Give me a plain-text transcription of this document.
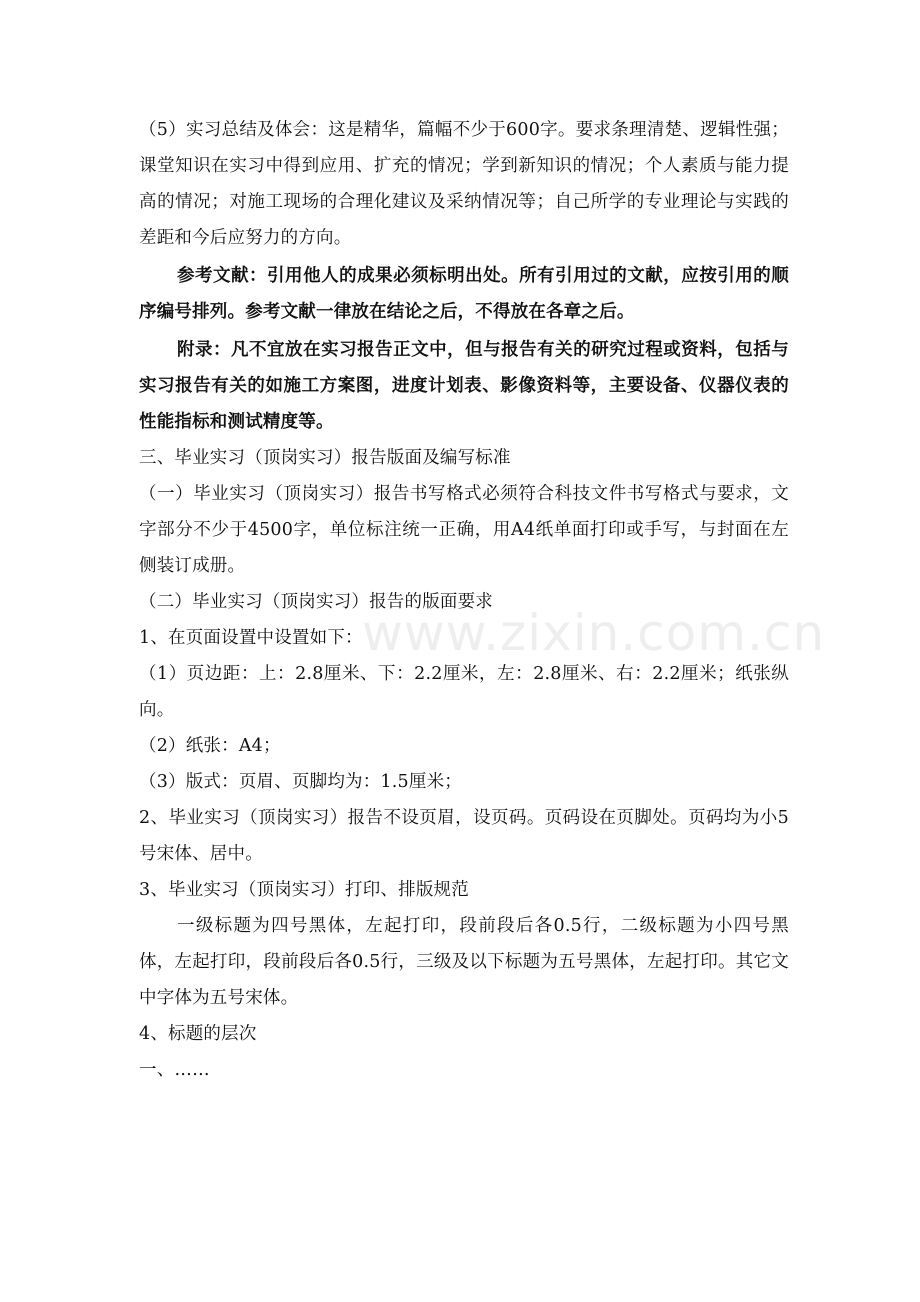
www.zixin.com.cn

（5）实习总结及体会：这是精华，篇幅不少于600字。要求条理清楚、逻辑性强；课堂知识在实习中得到应用、扩充的情况；学到新知识的情况；个人素质与能力提高的情况；对施工现场的合理化建议及采纳情况等；自己所学的专业理论与实践的差距和今后应努力的方向。

参考文献：引用他人的成果必须标明出处。所有引用过的文献，应按引用的顺序编号排列。参考文献一律放在结论之后，不得放在各章之后。

附录：凡不宜放在实习报告正文中，但与报告有关的研究过程或资料，包括与实习报告有关的如施工方案图，进度计划表、影像资料等，主要设备、仪器仪表的性能指标和测试精度等。

三、毕业实习（顶岗实习）报告版面及编写标准

（一）毕业实习（顶岗实习）报告书写格式必须符合科技文件书写格式与要求，文字部分不少于4500字，单位标注统一正确，用A4纸单面打印或手写，与封面在左侧装订成册。

（二）毕业实习（顶岗实习）报告的版面要求

1、在页面设置中设置如下：

（1）页边距：上：2.8厘米、下：2.2厘米，左：2.8厘米、右：2.2厘米；纸张纵向。

（2）纸张：A4；

（3）版式：页眉、页脚均为：1.5厘米；

2、毕业实习（顶岗实习）报告不设页眉，设页码。页码设在页脚处。页码均为小5号宋体、居中。

3、毕业实习（顶岗实习）打印、排版规范

一级标题为四号黑体，左起打印，段前段后各0.5行，二级标题为小四号黑体，左起打印，段前段后各0.5行，三级及以下标题为五号黑体，左起打印。其它文中字体为五号宋体。

4、标题的层次

一、……
